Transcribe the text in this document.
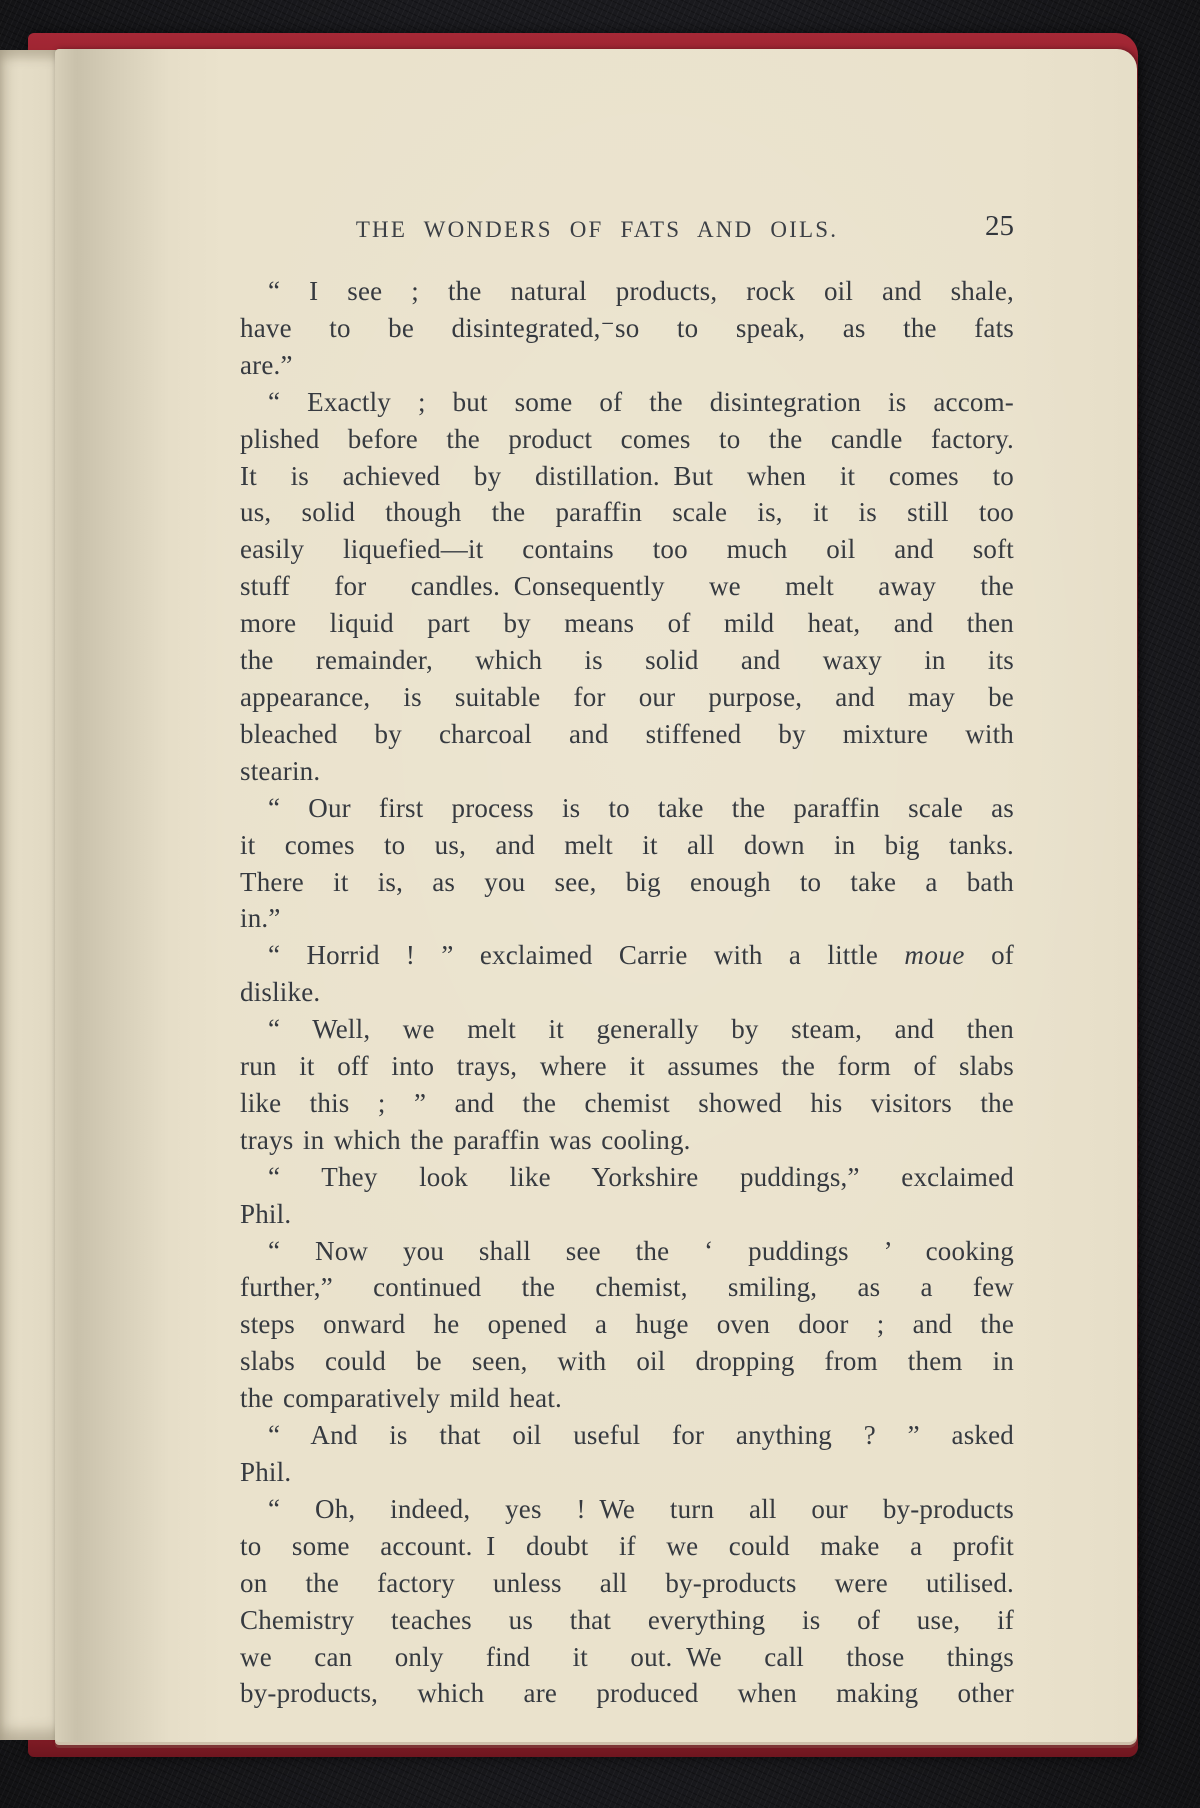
THE WONDERS OF FATS AND OILS.	25
“ I see ; the natural products, rock oil and shale,
have to be disintegrated,⁻so to speak, as the fats
are.”
“ Exactly ; but some of the disintegration is accom-
plished before the product comes to the candle factory.
It is achieved by distillation. But when it comes to
us, solid though the paraffin scale is, it is still too
easily liquefied—it contains too much oil and soft
stuff for candles. Consequently we melt away the
more liquid part by means of mild heat, and then
the remainder, which is solid and waxy in its
appearance, is suitable for our purpose, and may be
bleached by charcoal and stiffened by mixture with
stearin.
“ Our first process is to take the paraffin scale as
it comes to us, and melt it all down in big tanks.
There it is, as you see, big enough to take a bath
in.”
“ Horrid ! ” exclaimed Carrie with a little moue of
dislike.
“ Well, we melt it generally by steam, and then
run it off into trays, where it assumes the form of slabs
like this ; ” and the chemist showed his visitors the
trays in which the paraffin was cooling.
“ They look like Yorkshire puddings,” exclaimed
Phil.
“ Now you shall see the ‘ puddings ’ cooking
further,” continued the chemist, smiling, as a few
steps onward he opened a huge oven door ; and the
slabs could be seen, with oil dropping from them in
the comparatively mild heat.
“ And is that oil useful for anything ? ” asked
Phil.
“ Oh, indeed, yes ! We turn all our by-products
to some account. I doubt if we could make a profit
on the factory unless all by-products were utilised.
Chemistry teaches us that everything is of use, if
we can only find it out. We call those things
by-products, which are produced when making other
